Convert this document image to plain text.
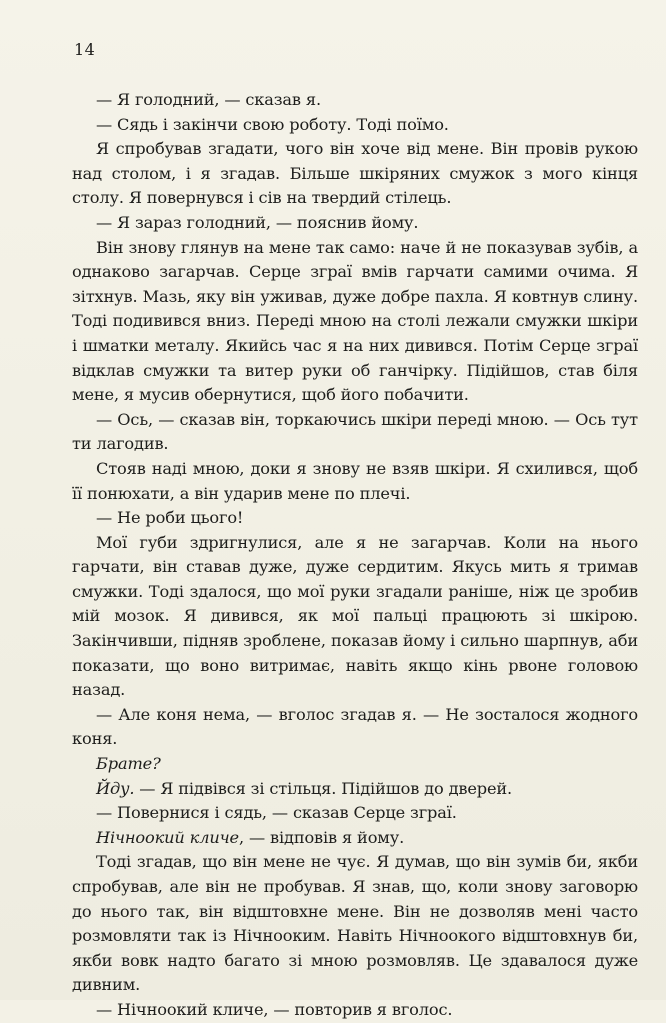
14

— Я голодний, — сказав я.

— Сядь і закінчи свою роботу. Тоді поїмо.

Я спробував згадати, чого він хоче від мене. Він провів рукою над столом, і я згадав. Більше шкіряних смужок з мого кінця столу. Я повернувся і сів на твердий стілець.

— Я зараз голодний, — пояснив йому.

Він знову глянув на мене так само: наче й не показував зубів, а однаково загарчав. Серце зграї вмів гарчати самими очима. Я зітхнув. Мазь, яку він уживав, дуже добре пахла. Я ковтнув слину. Тоді подивився вниз. Переді мною на столі лежали смужки шкіри і шматки металу. Якийсь час я на них дивився. Потім Серце зграї відклав смужки та витер руки об ганчірку. Підійшов, став біля мене, я мусив обернутися, щоб його побачити.

— Ось, — сказав він, торкаючись шкіри переді мною. — Ось тут ти лагодив.

Стояв наді мною, доки я знову не взяв шкіри. Я схилився, щоб її понюхати, а він ударив мене по плечі.

— Не роби цього!

Мої губи здригнулися, але я не загарчав. Коли на нього гарчати, він ставав дуже, дуже сердитим. Якусь мить я тримав смужки. Тоді здалося, що мої руки згадали раніше, ніж це зробив мій мозок. Я дивився, як мої пальці працюють зі шкірою. Закінчивши, підняв зроблене, показав йому і сильно шарпнув, аби показати, що воно витримає, навіть якщо кінь рвоне головою назад.

— Але коня нема, — вголос згадав я. — Не зосталося жодного коня.

Брате?

Йду. — Я підвівся зі стільця. Підійшов до дверей.

— Повернися і сядь, — сказав Серце зграї.

Нічноокий кличе, — відповів я йому.

Тоді згадав, що він мене не чує. Я думав, що він зумів би, якби спробував, але він не пробував. Я знав, що, коли знову заговорю до нього так, він відштовхне мене. Він не дозволяв мені часто розмовляти так із Нічнооким. Навіть Нічноокого відштовхнув би, якби вовк надто багато зі мною розмовляв. Це здавалося дуже дивним.

— Нічноокий кличе, — повторив я вголос.
